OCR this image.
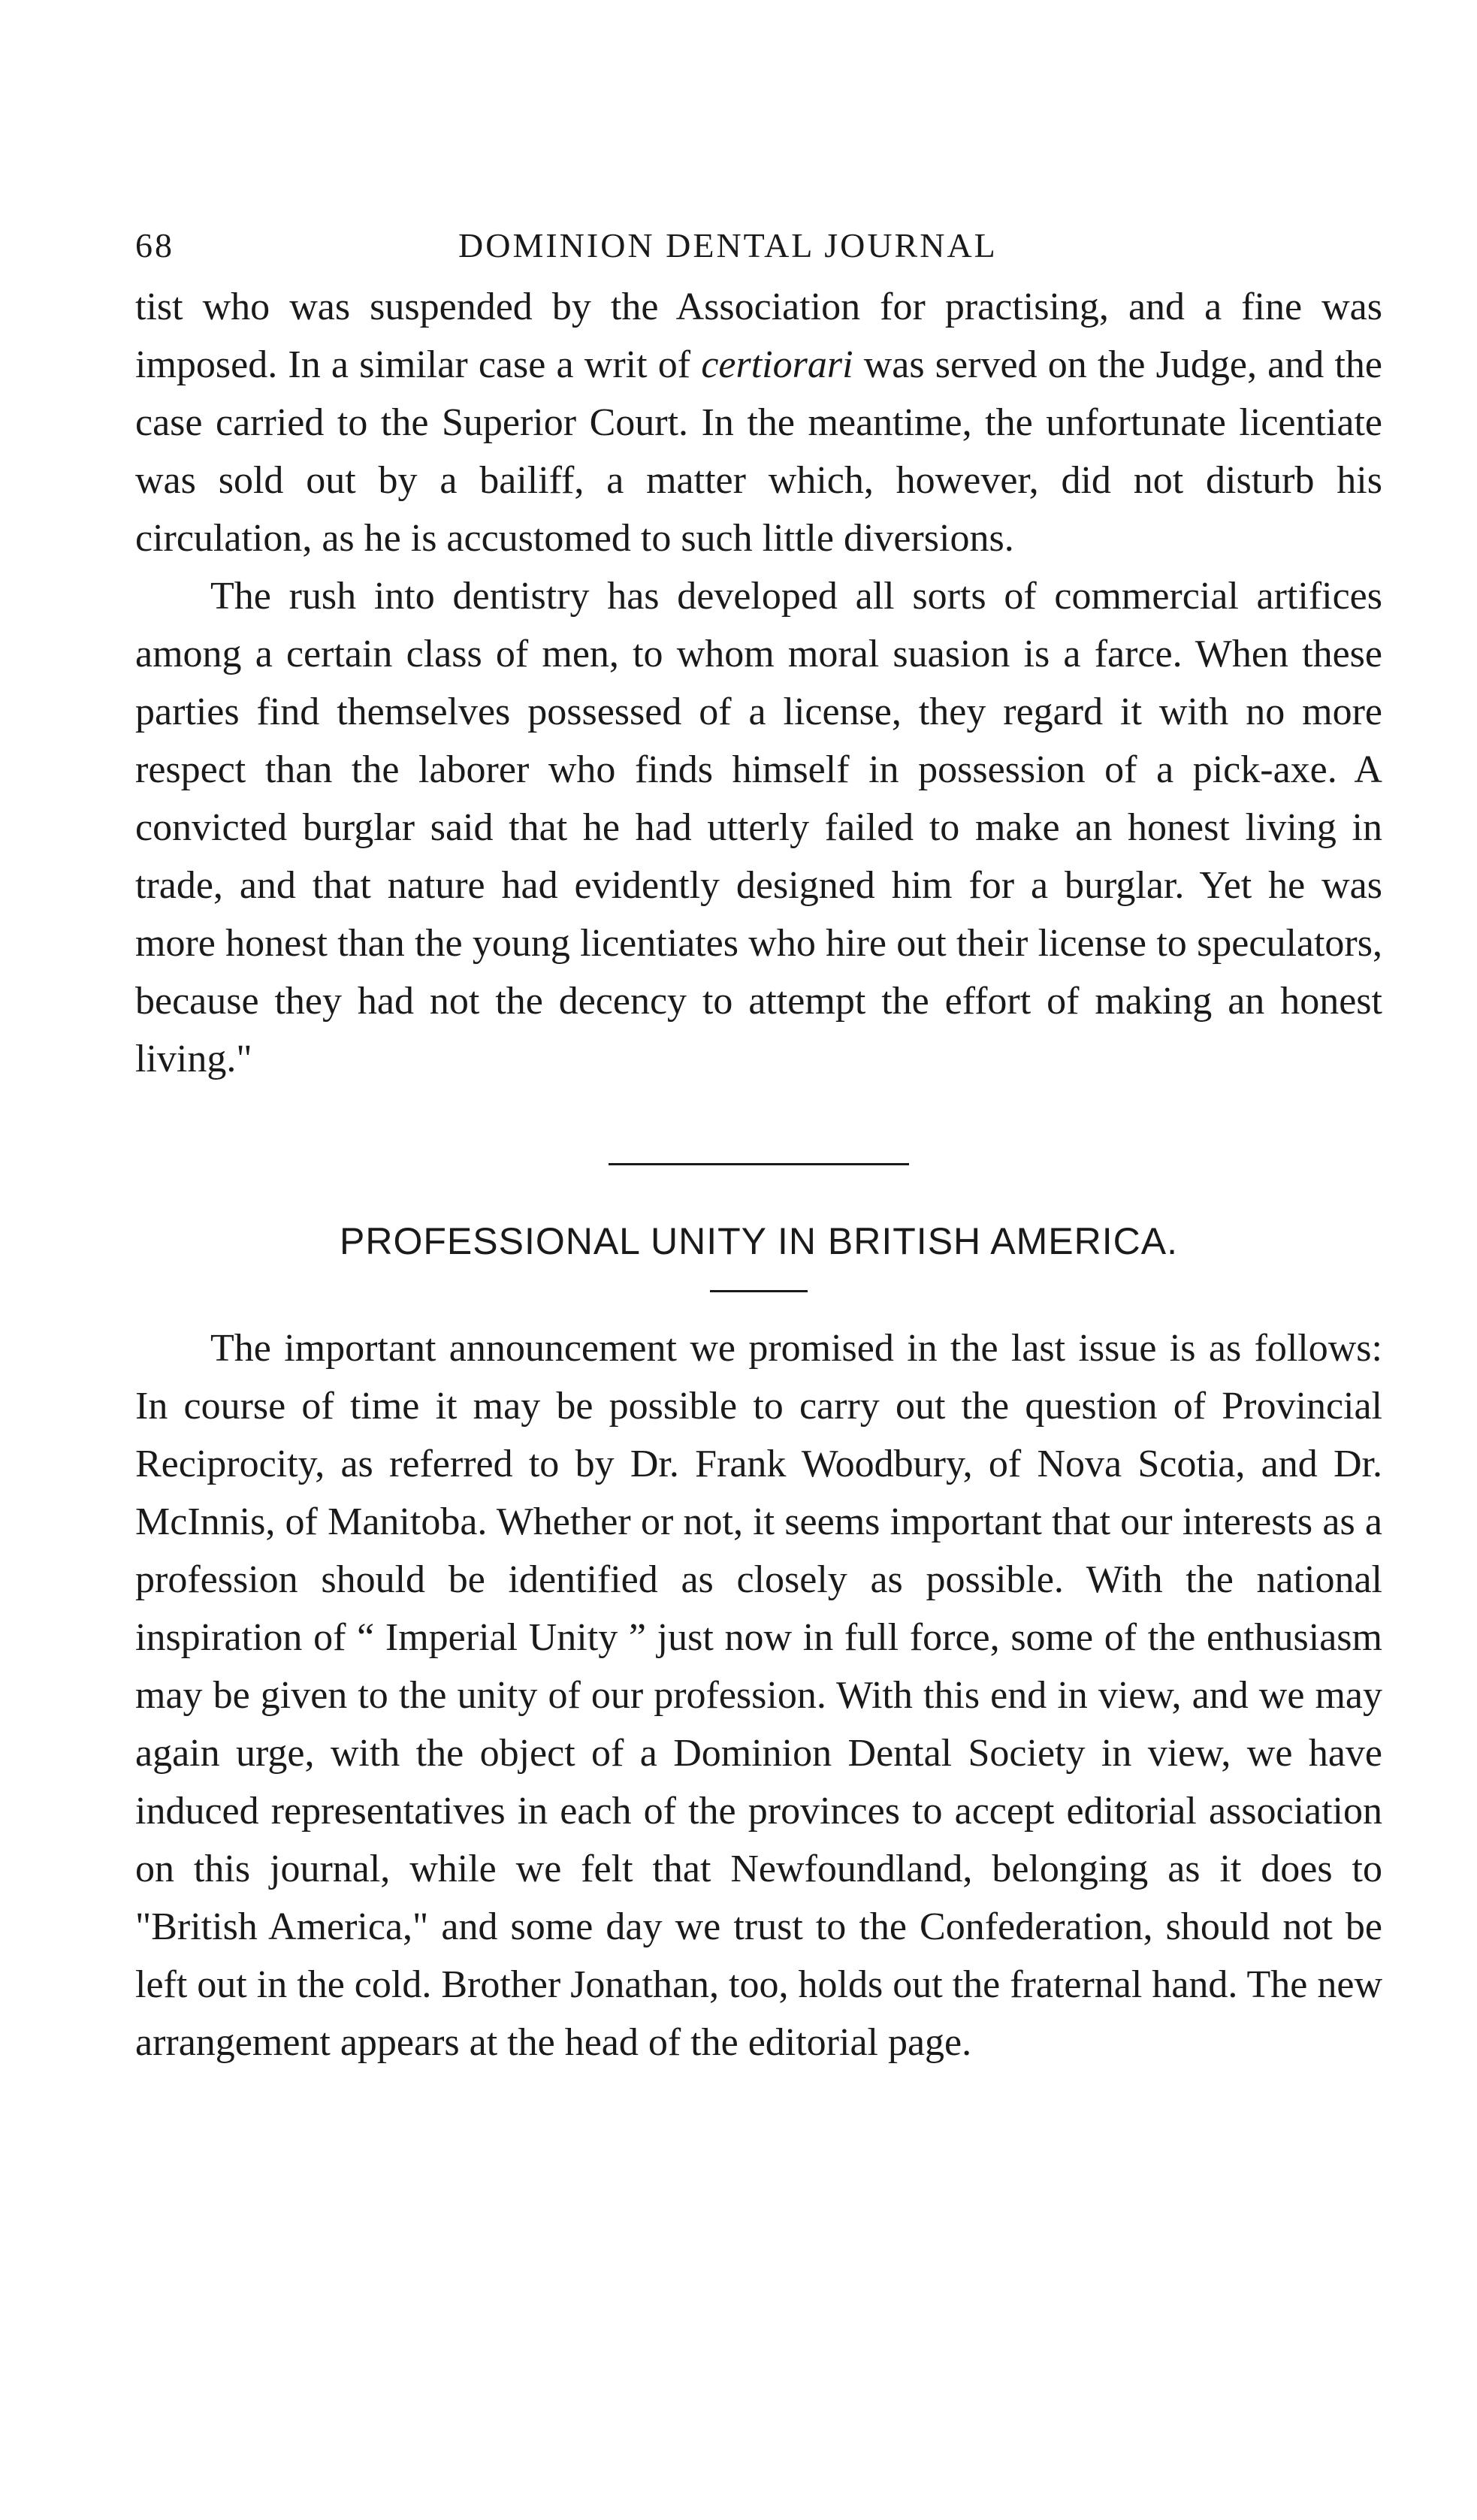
68	DOMINION DENTAL JOURNAL

tist who was suspended by the Association for practising, and a fine was imposed. In a similar case a writ of certiorari was served on the Judge, and the case carried to the Superior Court. In the meantime, the unfortunate licentiate was sold out by a bailiff, a matter which, however, did not disturb his circulation, as he is accustomed to such little diversions.

The rush into dentistry has developed all sorts of commercial artifices among a certain class of men, to whom moral suasion is a farce. When these parties find themselves possessed of a license, they regard it with no more respect than the laborer who finds himself in possession of a pick-axe. A convicted burglar said that he had utterly failed to make an honest living in trade, and that nature had evidently designed him for a burglar. Yet he was more honest than the young licentiates who hire out their license to speculators, because they had not the decency to attempt the effort of making an honest living."

PROFESSIONAL UNITY IN BRITISH AMERICA.

The important announcement we promised in the last issue is as follows: In course of time it may be possible to carry out the question of Provincial Reciprocity, as referred to by Dr. Frank Woodbury, of Nova Scotia, and Dr. McInnis, of Manitoba. Whether or not, it seems important that our interests as a profession should be identified as closely as possible. With the national inspiration of “ Imperial Unity ” just now in full force, some of the enthusiasm may be given to the unity of our profession. With this end in view, and we may again urge, with the object of a Dominion Dental Society in view, we have induced representatives in each of the provinces to accept editorial association on this journal, while we felt that Newfoundland, belonging as it does to "British America," and some day we trust to the Confederation, should not be left out in the cold. Brother Jonathan, too, holds out the fraternal hand. The new arrangement appears at the head of the editorial page.
